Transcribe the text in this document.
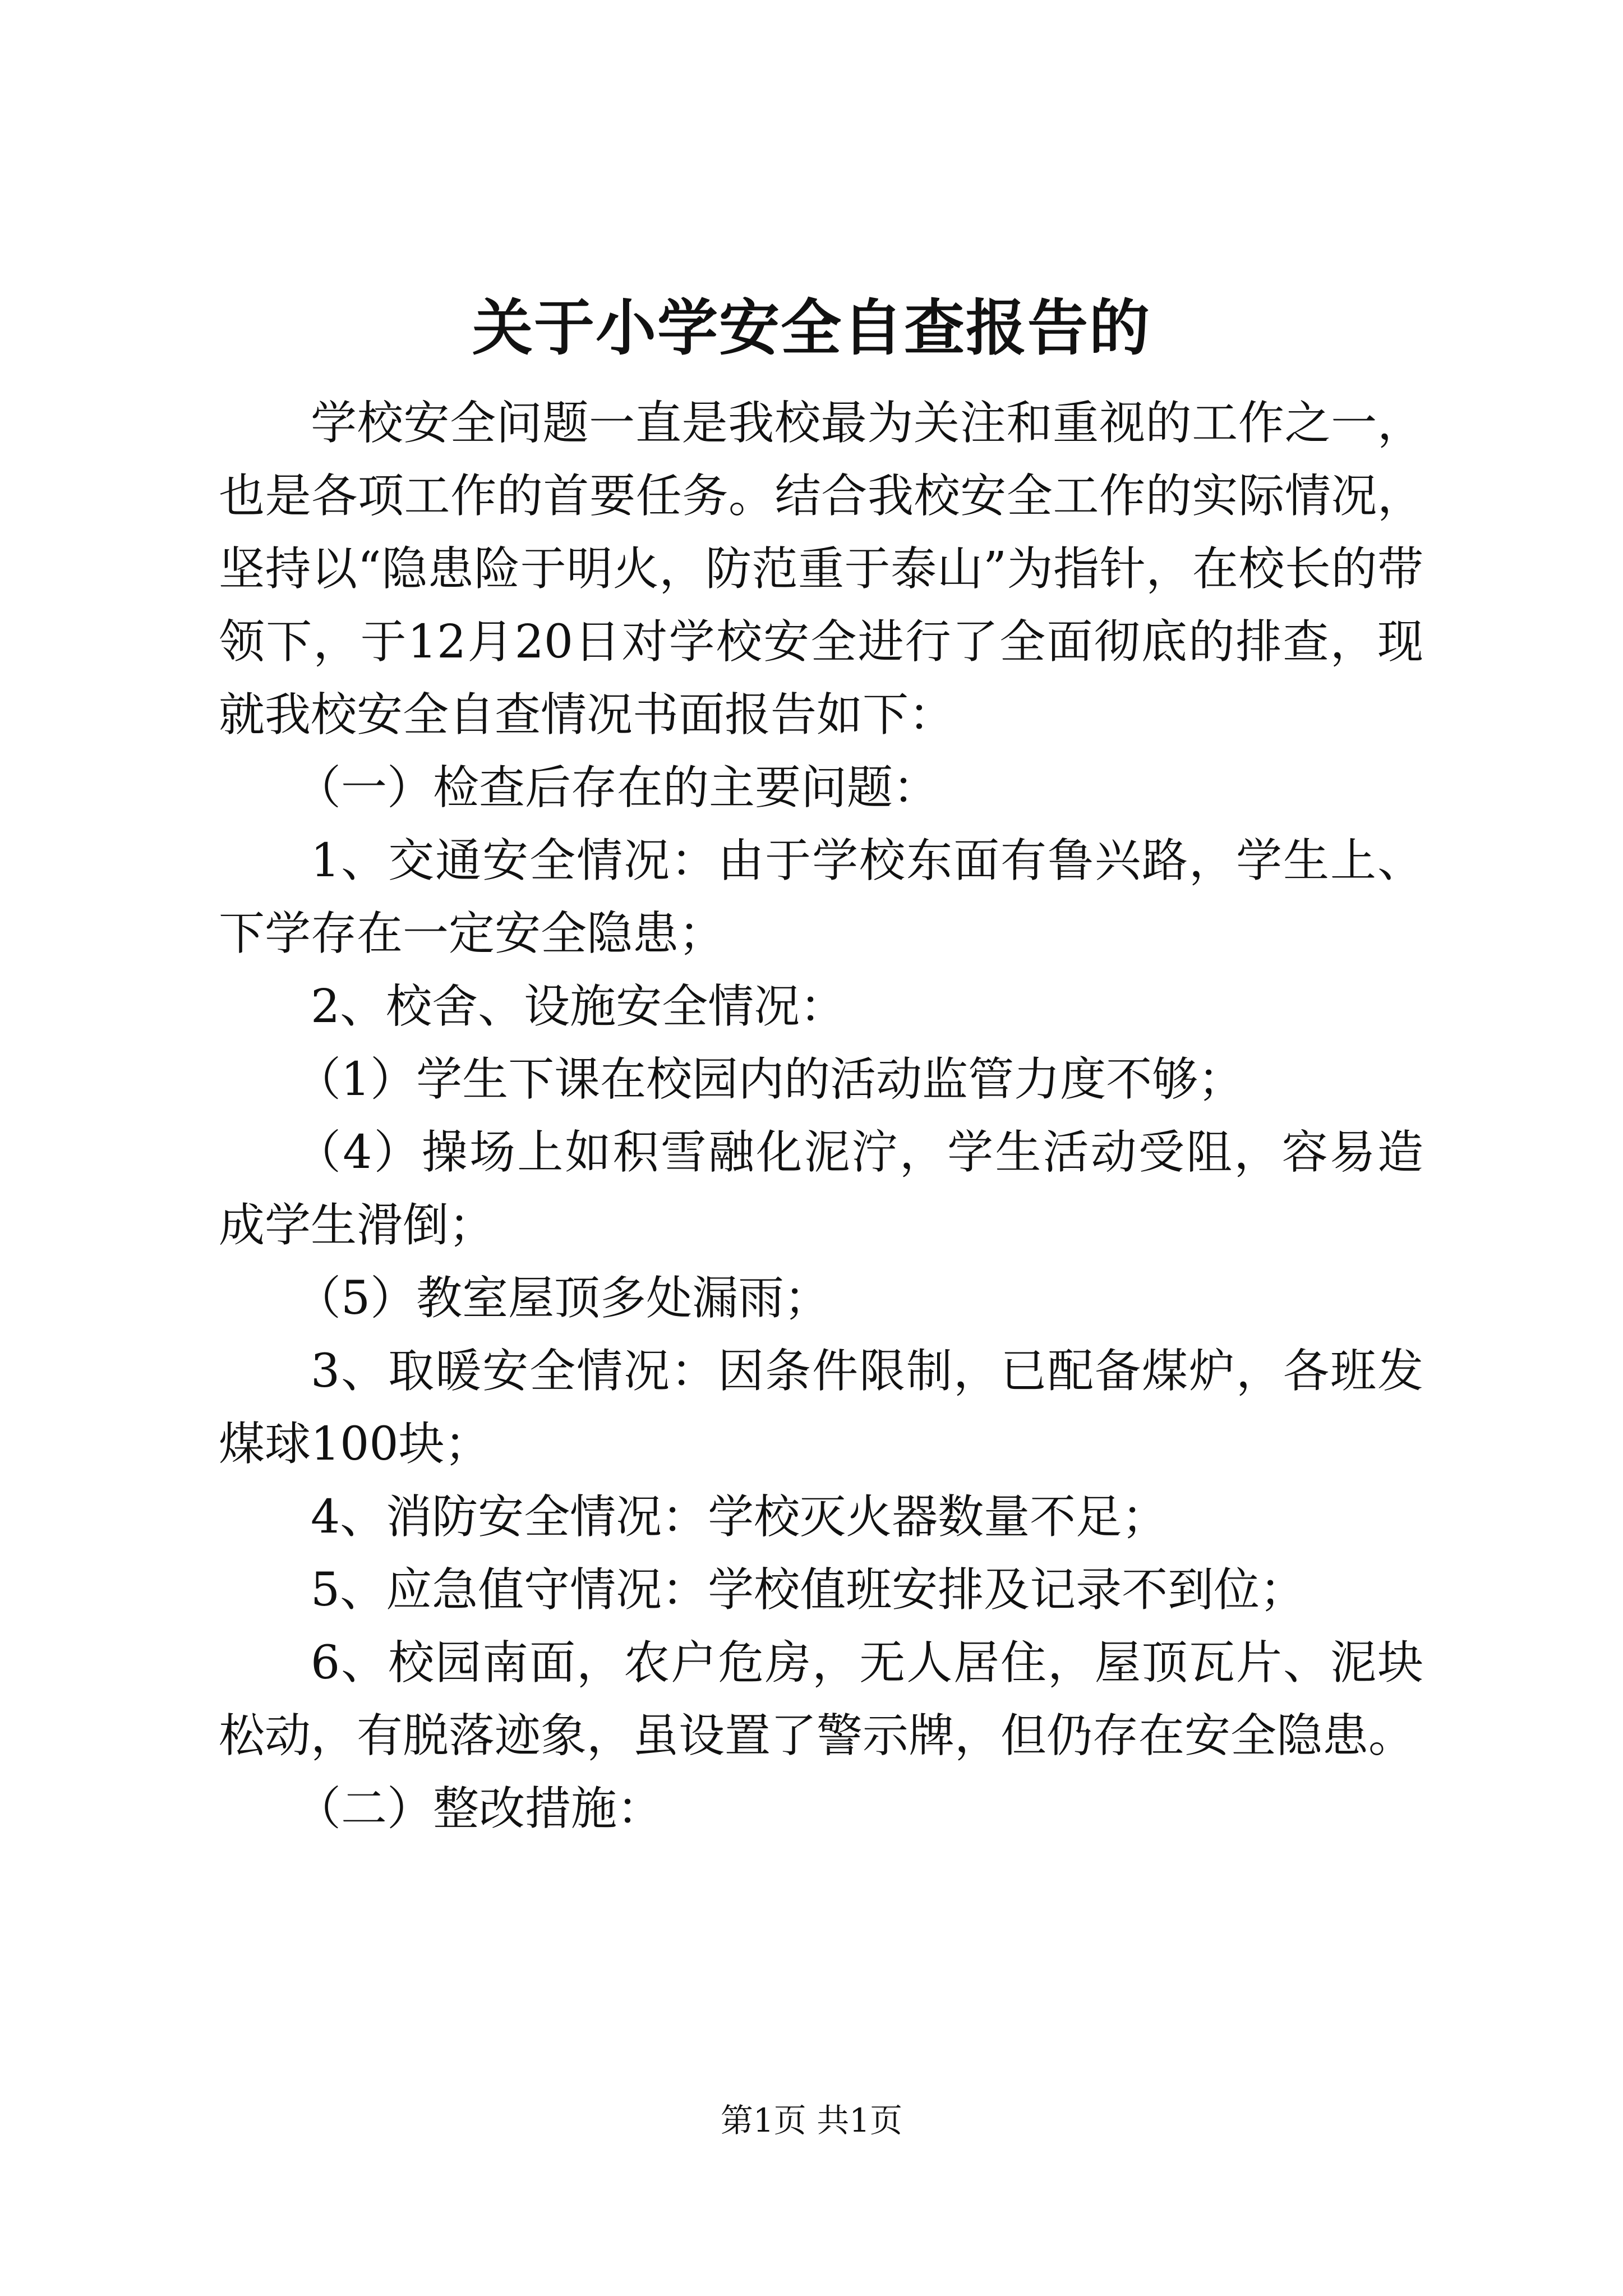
关于小学安全自查报告的

学校安全问题一直是我校最为关注和重视的工作之一，也是各项工作的首要任务。结合我校安全工作的实际情况，坚持以“隐患险于明火，防范重于泰山”为指针，在校长的带领下，于12月20日对学校安全进行了全面彻底的排查，现就我校安全自查情况书面报告如下：

（一）检查后存在的主要问题：

1、交通安全情况：由于学校东面有鲁兴路，学生上、下学存在一定安全隐患；

2、校舍、设施安全情况：

（1）学生下课在校园内的活动监管力度不够；

（4）操场上如积雪融化泥泞，学生活动受阻，容易造成学生滑倒；

（5）教室屋顶多处漏雨；

3、取暖安全情况：因条件限制，已配备煤炉，各班发煤球100块；

4、消防安全情况：学校灭火器数量不足；

5、应急值守情况：学校值班安排及记录不到位；

6、校园南面，农户危房，无人居住，屋顶瓦片、泥块松动，有脱落迹象，虽设置了警示牌，但仍存在安全隐患。

（二）整改措施：

第1页 共1页
